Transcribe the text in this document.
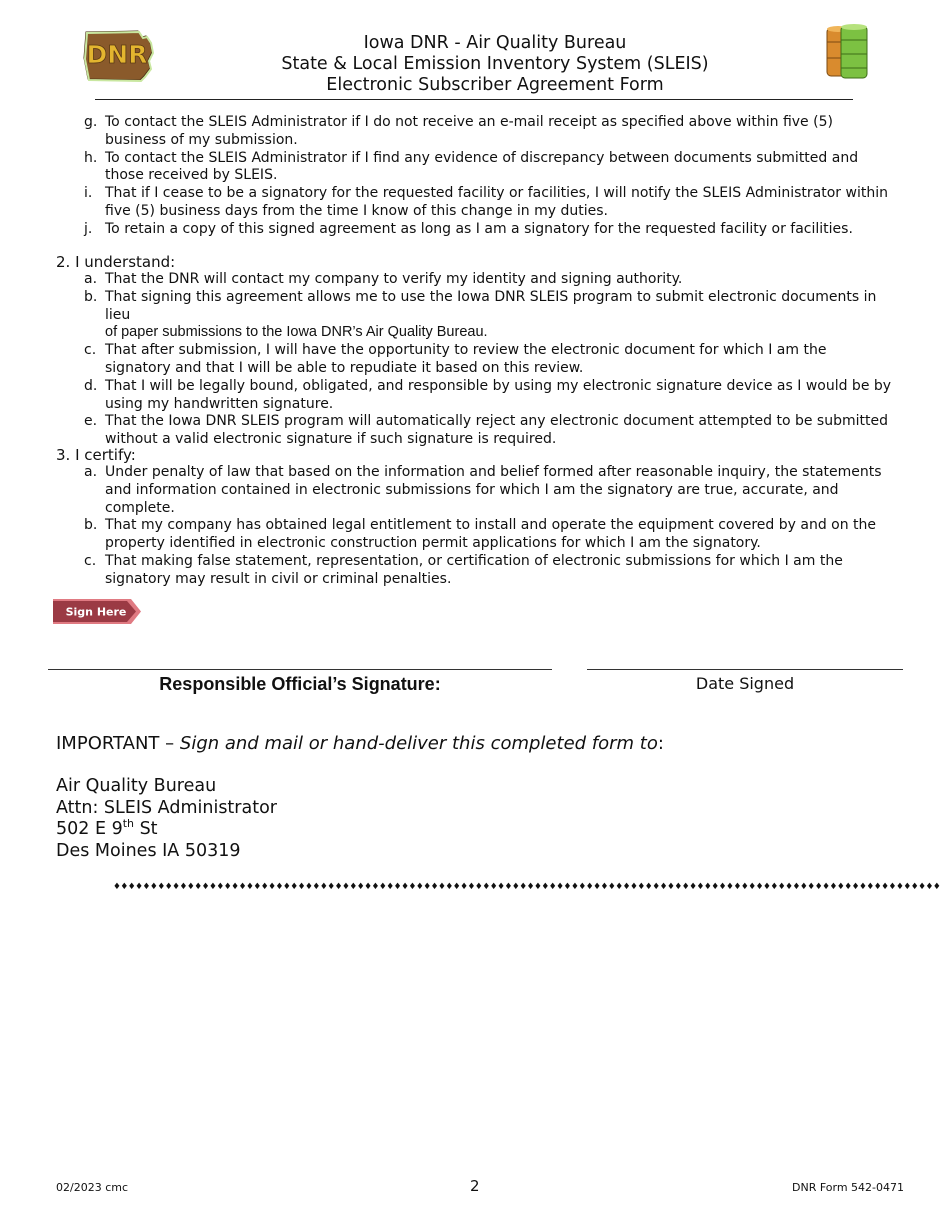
DNR	Iowa DNR - Air Quality Bureau
State & Local Emission Inventory System (SLEIS)
Electronic Subscriber Agreement Form
g. To contact the SLEIS Administrator if I do not receive an e-mail receipt as specified above within five (5) business of my submission.
h. To contact the SLEIS Administrator if I find any evidence of discrepancy between documents submitted and those received by SLEIS.
i. That if I cease to be a signatory for the requested facility or facilities, I will notify the SLEIS Administrator within five (5) business days from the time I know of this change in my duties.
j. To retain a copy of this signed agreement as long as I am a signatory for the requested facility or facilities.
2. I understand:
a. That the DNR will contact my company to verify my identity and signing authority.
b. That signing this agreement allows me to use the Iowa DNR SLEIS program to submit electronic documents in lieu
of paper submissions to the Iowa DNR’s Air Quality Bureau.
c. That after submission, I will have the opportunity to review the electronic document for which I am the signatory and that I will be able to repudiate it based on this review.
d. That I will be legally bound, obligated, and responsible by using my electronic signature device as I would be by using my handwritten signature.
e. That the Iowa DNR SLEIS program will automatically reject any electronic document attempted to be submitted without a valid electronic signature if such signature is required.
3. I certify:
a. Under penalty of law that based on the information and belief formed after reasonable inquiry, the statements and information contained in electronic submissions for which I am the signatory are true, accurate, and complete.
b. That my company has obtained legal entitlement to install and operate the equipment covered by and on the property identified in electronic construction permit applications for which I am the signatory.
c. That making false statement, representation, or certification of electronic submissions for which I am the signatory may result in civil or criminal penalties.
Sign Here
Responsible Official’s Signature:	Date Signed
IMPORTANT – Sign and mail or hand-deliver this completed form to:
Air Quality Bureau
Attn: SLEIS Administrator
502 E 9th St
Des Moines IA 50319
♦♦♦♦♦♦♦♦♦♦♦♦♦♦♦♦♦♦♦♦♦♦♦♦♦♦♦♦♦♦♦♦♦♦♦♦♦♦♦♦♦♦♦♦♦♦♦♦♦♦♦♦♦♦♦♦♦♦♦♦♦♦♦♦♦♦♦♦♦♦♦♦♦♦♦♦♦♦♦♦♦♦♦♦♦♦♦♦♦♦♦♦♦♦♦♦♦♦♦♦♦♦♦♦♦♦♦♦♦♦♦♦
02/2023 cmc	2	DNR Form 542-0471
